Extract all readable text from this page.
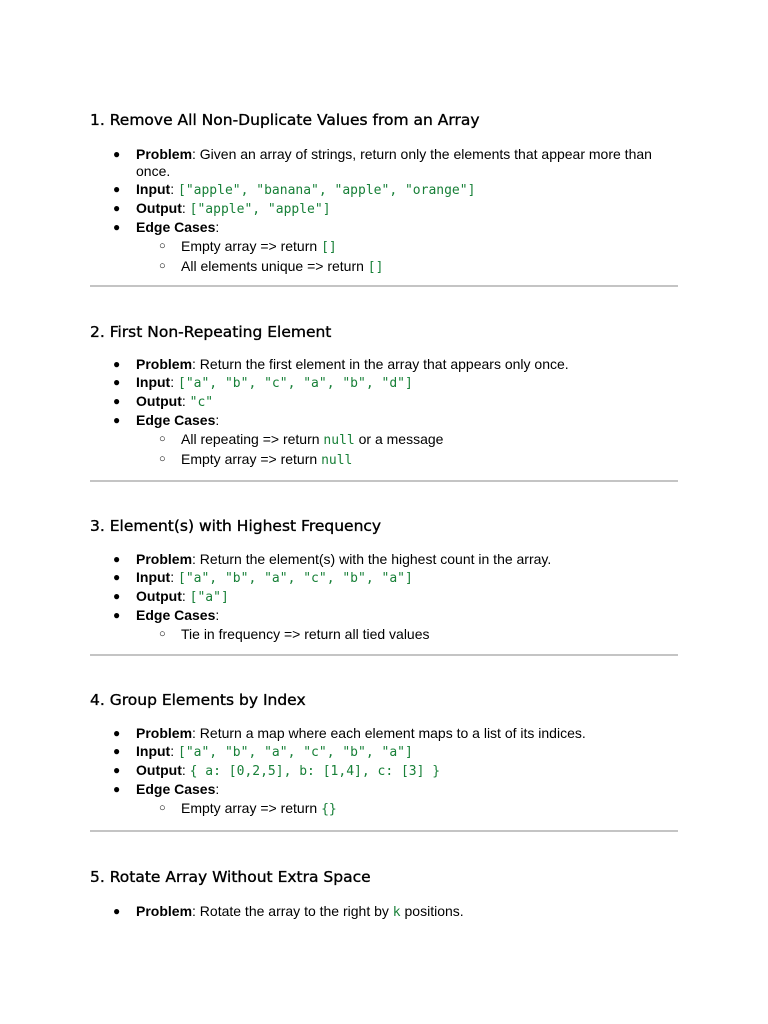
1. Remove All Non-Duplicate Values from an Array
● Problem: Given an array of strings, return only the elements that appear more than once.
● Input: ["apple", "banana", "apple", "orange"]
● Output: ["apple", "apple"]
● Edge Cases:
○ Empty array => return []
○ All elements unique => return []
2. First Non-Repeating Element
● Problem: Return the first element in the array that appears only once.
● Input: ["a", "b", "c", "a", "b", "d"]
● Output: "c"
● Edge Cases:
○ All repeating => return null or a message
○ Empty array => return null
3. Element(s) with Highest Frequency
● Problem: Return the element(s) with the highest count in the array.
● Input: ["a", "b", "a", "c", "b", "a"]
● Output: ["a"]
● Edge Cases:
○ Tie in frequency => return all tied values
4. Group Elements by Index
● Problem: Return a map where each element maps to a list of its indices.
● Input: ["a", "b", "a", "c", "b", "a"]
● Output: { a: [0,2,5], b: [1,4], c: [3] }
● Edge Cases:
○ Empty array => return {}
5. Rotate Array Without Extra Space
● Problem: Rotate the array to the right by k positions.
